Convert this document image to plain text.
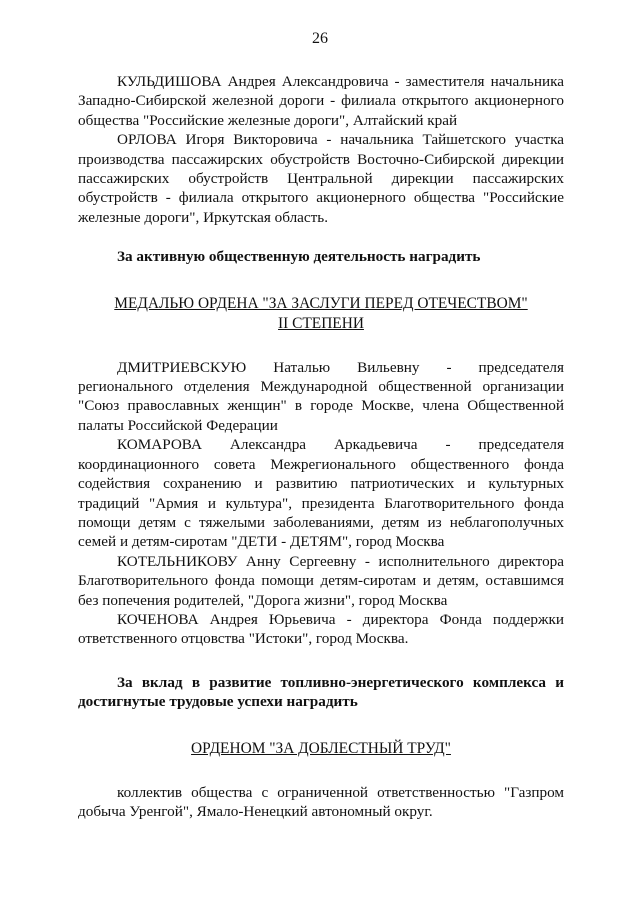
26

КУЛЬДИШОВА Андрея Александровича - заместителя начальника Западно-Сибирской железной дороги - филиала открытого акционерного общества "Российские железные дороги", Алтайский край

ОРЛОВА Игоря Викторовича - начальника Тайшетского участка производства пассажирских обустройств Восточно-Сибирской дирекции пассажирских обустройств Центральной дирекции пассажирских обустройств - филиала открытого акционерного общества "Российские железные дороги", Иркутская область.

За активную общественную деятельность наградить

МЕДАЛЬЮ ОРДЕНА "ЗА ЗАСЛУГИ ПЕРЕД ОТЕЧЕСТВОМ"
II СТЕПЕНИ

ДМИТРИЕВСКУЮ Наталью Вильевну - председателя регионального отделения Международной общественной организации "Союз православных женщин" в городе Москве, члена Общественной палаты Российской Федерации

КОМАРОВА Александра Аркадьевича - председателя координационного совета Межрегионального общественного фонда содействия сохранению и развитию патриотических и культурных традиций "Армия и культура", президента Благотворительного фонда помощи детям с тяжелыми заболеваниями, детям из неблагополучных семей и детям-сиротам "ДЕТИ - ДЕТЯМ", город Москва

КОТЕЛЬНИКОВУ Анну Сергеевну - исполнительного директора Благотворительного фонда помощи детям-сиротам и детям, оставшимся без попечения родителей, "Дорога жизни", город Москва

КОЧЕНОВА Андрея Юрьевича - директора Фонда поддержки ответственного отцовства "Истоки", город Москва.

За вклад в развитие топливно-энергетического комплекса и достигнутые трудовые успехи наградить

ОРДЕНОМ "ЗА ДОБЛЕСТНЫЙ ТРУД"

коллектив общества с ограниченной ответственностью "Газпром добыча Уренгой", Ямало-Ненецкий автономный округ.
